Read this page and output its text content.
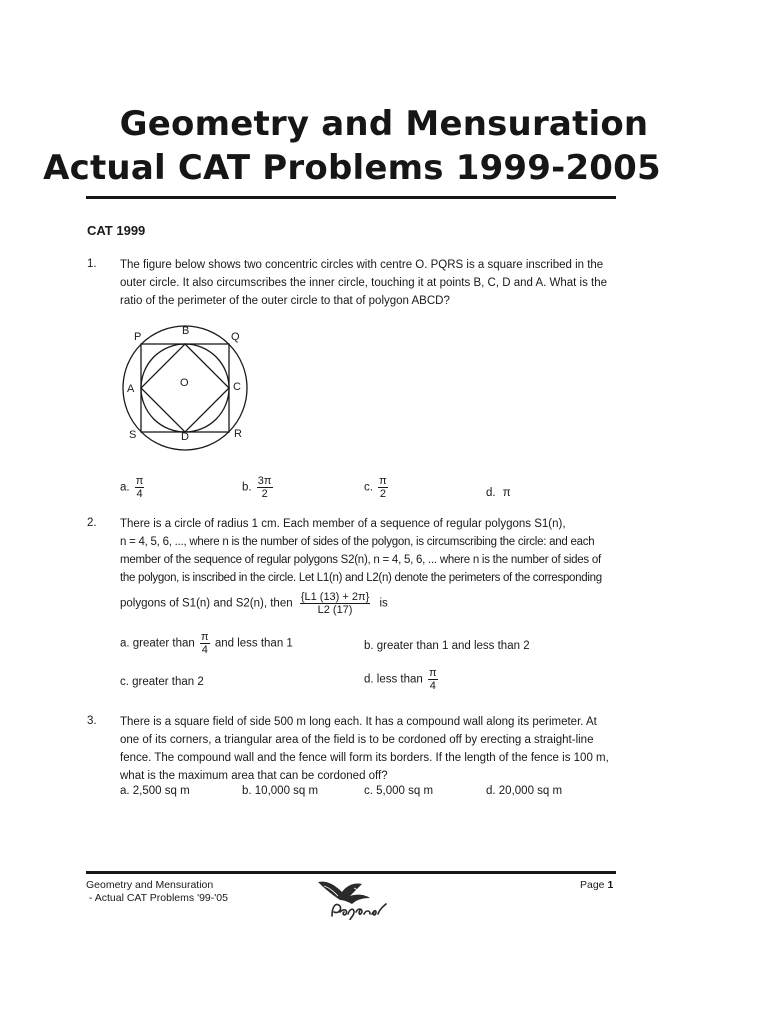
Geometry and Mensuration
Actual CAT Problems 1999-2005
CAT 1999
1. The figure below shows two concentric circles with centre O. PQRS is a square inscribed in the outer circle. It also circumscribes the inner circle, touching it at points B, C, D and A. What is the ratio of the perimeter of the outer circle to that of polygon ABCD?
P	B	Q
A	O	C
S	D	R
a. $\frac{\pi}{4}$	b. $\frac{3\pi}{2}$	c. $\frac{\pi}{2}$	d. π
2. There is a circle of radius 1 cm. Each member of a sequence of regular polygons S1(n),
n = 4, 5, 6, ..., where n is the number of sides of the polygon, is circumscribing the circle: and each
member of the sequence of regular polygons S2(n), n = 4, 5, 6, ... where n is the number of sides of
the polygon, is inscribed in the circle. Let L1(n) and L2(n) denote the perimeters of the corresponding
polygons of S1(n) and S2(n), then $\frac{\{L1 (13) + 2\pi\}}{L2 (17)}$ is
a. greater than $\frac{\pi}{4}$ and less than 1	b. greater than 1 and less than 2
c. greater than 2	d. less than $\frac{\pi}{4}$
3. There is a square field of side 500 m long each. It has a compound wall along its perimeter. At one of its corners, a triangular area of the field is to be cordoned off by erecting a straight-line fence. The compound wall and the fence will form its borders. If the length of the fence is 100 m, what is the maximum area that can be cordoned off?
a. 2,500 sq m	b. 10,000 sq m	c. 5,000 sq m	d. 20,000 sq m
Geometry and Mensuration
- Actual CAT Problems '99-'05
Page 1
